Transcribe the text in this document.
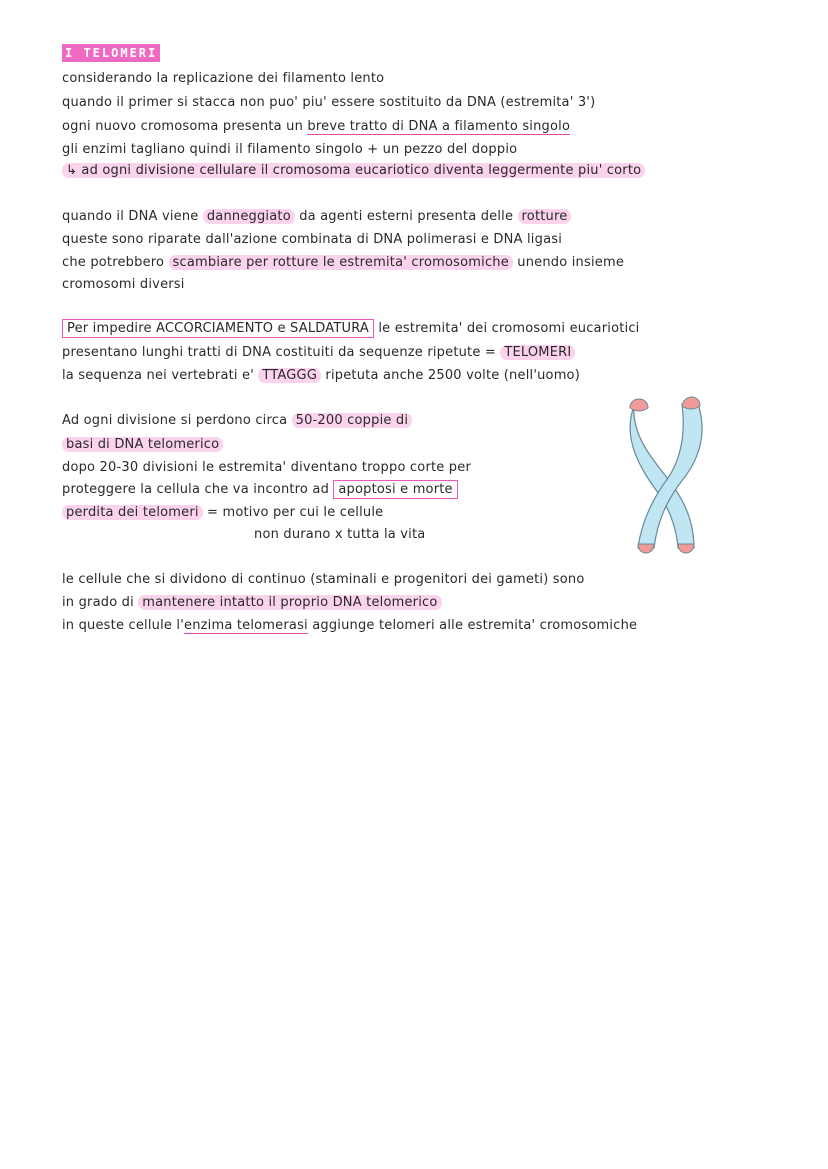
I TELOMERI
considerando la replicazione dei filamento lento
quando il primer si stacca non puo' piu' essere sostituito da DNA (estremita' 3')
ogni nuovo cromosoma presenta un breve tratto di DNA a filamento singolo
gli enzimi tagliano quindi il filamento singolo + un pezzo del doppio
↳ ad ogni divisione cellulare il cromosoma eucariotico diventa leggermente piu' corto
quando il DNA viene danneggiato da agenti esterni presenta delle rotture
queste sono riparate dall'azione combinata di DNA polimerasi e DNA ligasi
che potrebbero scambiare per rotture le estremita' cromosomiche unendo insieme
cromosomi diversi
Per impedire ACCORCIAMENTO e SALDATURA le estremita' dei cromosomi eucariotici
presentano lunghi tratti di DNA costituiti da sequenze ripetute = TELOMERI
la sequenza nei vertebrati e' TTAGGG ripetuta anche 2500 volte (nell'uomo)
Ad ogni divisione si perdono circa 50-200 coppie di
basi di DNA telomerico
dopo 20-30 divisioni le estremita' diventano troppo corte per
proteggere la cellula che va incontro ad apoptosi e morte
perdita dei telomeri = motivo per cui le cellule
non durano x tutta la vita
le cellule che si dividono di continuo (staminali e progenitori dei gameti) sono
in grado di mantenere intatto il proprio DNA telomerico
in queste cellule l'enzima telomerasi aggiunge telomeri alle estremita' cromosomiche
